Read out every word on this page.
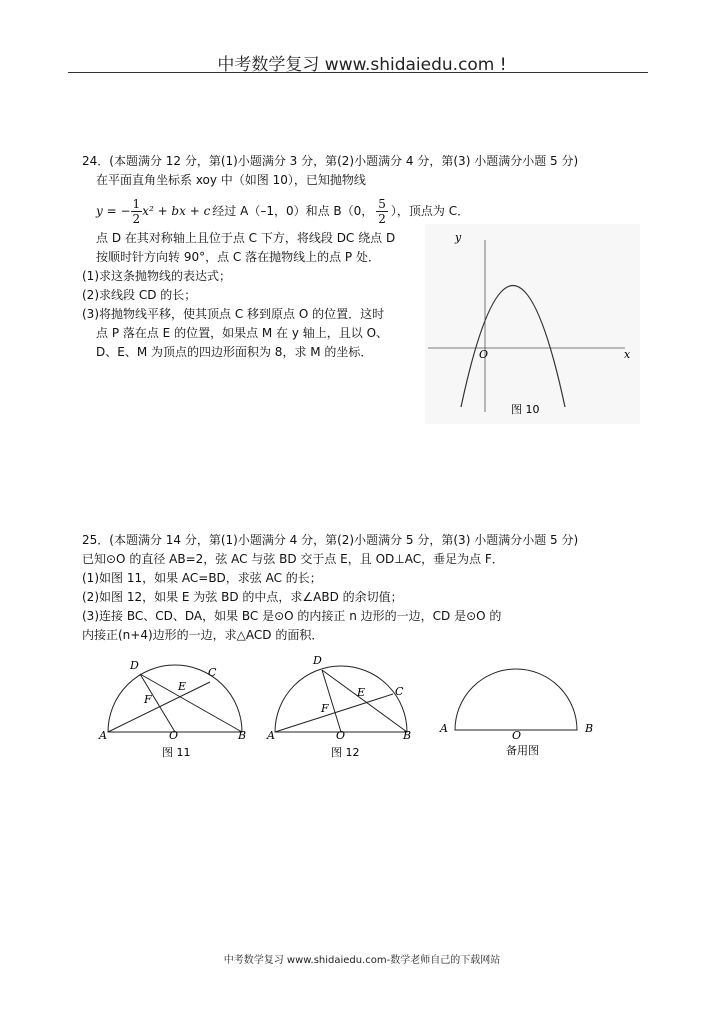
中考数学复习 www.shidaiedu.com !
24．(本题满分 12 分，第(1)小题满分 3 分，第(2)小题满分 4 分，第(3) 小题满分小题 5 分)
在平面直角坐标系 xoy 中（如图 10），已知抛物线
y = − $\frac{1}{2} x^2$ + bx + c 经过 A（–1，0）和点 B（0， $\frac{5}{2}$ ），顶点为 C．
点 D 在其对称轴上且位于点 C 下方，将线段 DC 绕点 D
按顺时针方向转 90°，点 C 落在抛物线上的点 P 处．
(1)求这条抛物线的表达式；
(2)求线段 CD 的长；
(3)将抛物线平移，使其顶点 C 移到原点 O 的位置．这时
点 P 落在点 E 的位置，如果点 M 在 y 轴上，且以 O、
D、E、M 为顶点的四边形面积为 8，求 M 的坐标．
y
x
O
图 10
25．(本题满分 14 分，第(1)小题满分 4 分，第(2)小题满分 5 分，第(3) 小题满分小题 5 分)
已知⊙O 的直径 AB=2，弦 AC 与弦 BD 交于点 E，且 OD⊥AC，垂足为点 F．
(1)如图 11，如果 AC=BD，求弦 AC 的长；
(2)如图 12，如果 E 为弦 BD 的中点，求∠ABD 的余切值；
(3)连接 BC、CD、DA，如果 BC 是⊙O 的内接正 n 边形的一边，CD 是⊙O 的
内接正(n+4)边形的一边，求△ACD 的面积．
A	B
C
D
E
F
O
图 11
A	B
C
D
E
F
O
图 12
A	B
O
备用图
中考数学复习 www.shidaiedu.com-数学老师自己的下载网站
